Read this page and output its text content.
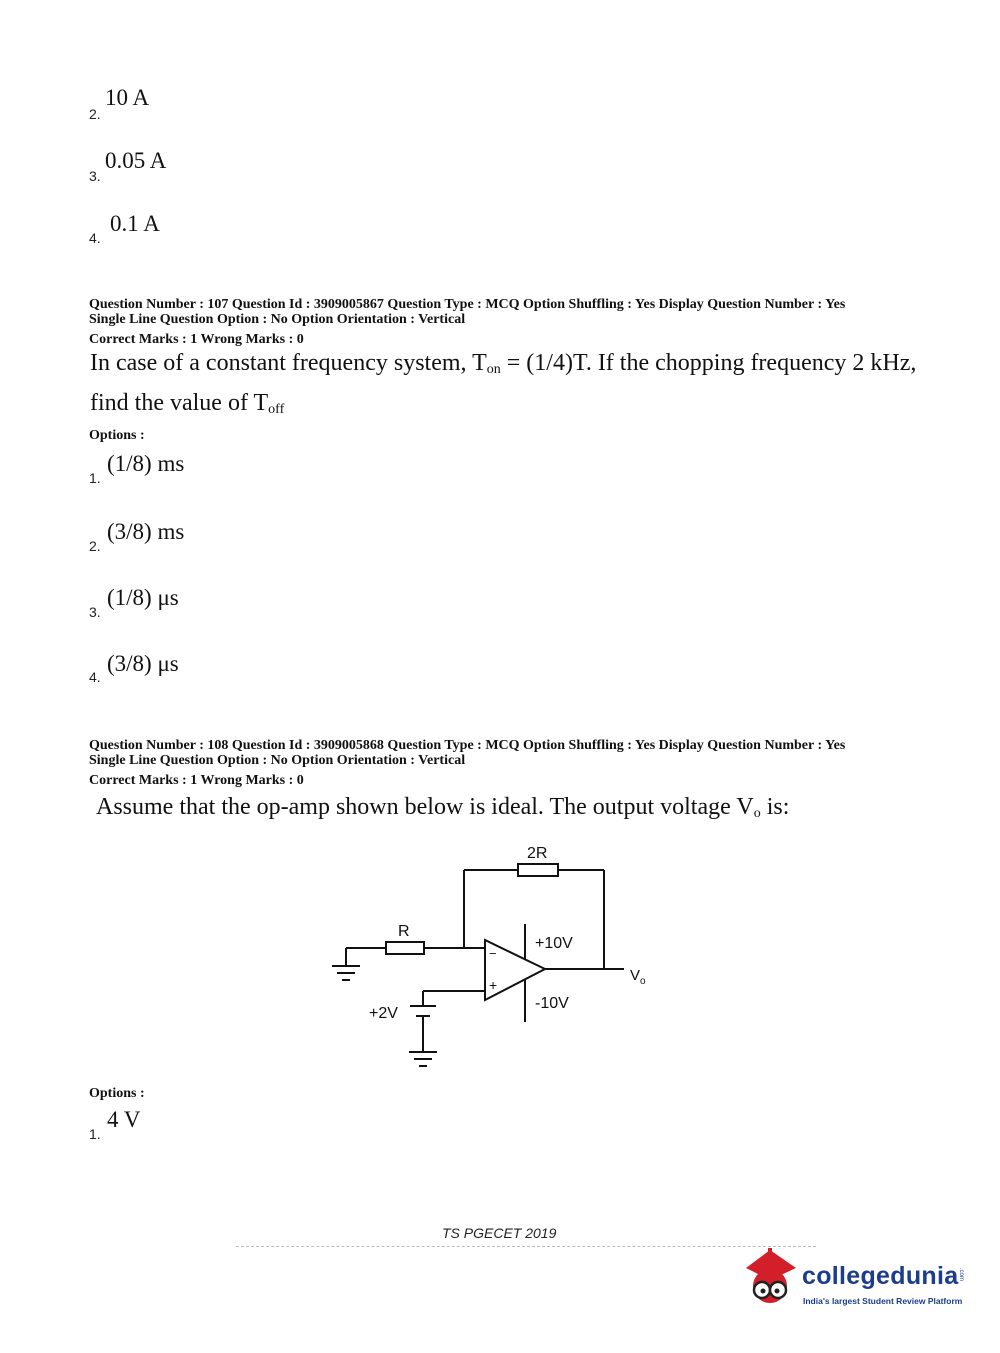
2.
10 A
3.
0.05 A
4.
0.1 A
Question Number : 107 Question Id : 3909005867 Question Type : MCQ Option Shuffling : Yes Display Question Number : Yes
Single Line Question Option : No Option Orientation : Vertical
Correct Marks : 1 Wrong Marks : 0
In case of a constant frequency system, $T_{on} = (1/4)T$. If the chopping frequency 2 kHz,
find the value of $T_{off}$
Options :
1.
(1/8) ms
2.
(3/8) ms
3.
(1/8) μs
4.
(3/8) μs
Question Number : 108 Question Id : 3909005868 Question Type : MCQ Option Shuffling : Yes Display Question Number : Yes
Single Line Question Option : No Option Orientation : Vertical
Correct Marks : 1 Wrong Marks : 0
Assume that the op-amp shown below is ideal. The output voltage $V_o$ is:
2R
R
+10V
-10V
−
+
+2V
$V_o$
Options :
1.
4 V
TS PGECET 2019
collegedunia .com
India's largest Student Review Platform
